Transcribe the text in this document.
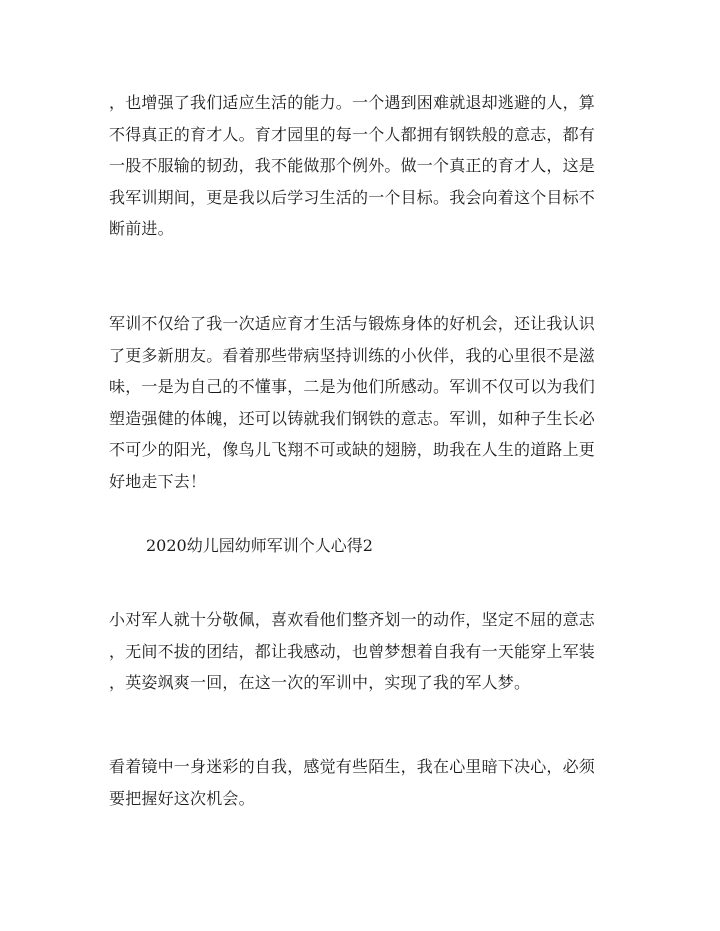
，也增强了我们适应生活的能力。一个遇到困难就退却逃避的人，算
不得真正的育才人。育才园里的每一个人都拥有钢铁般的意志，都有
一股不服输的韧劲，我不能做那个例外。做一个真正的育才人，这是
我军训期间，更是我以后学习生活的一个目标。我会向着这个目标不
断前进。
军训不仅给了我一次适应育才生活与锻炼身体的好机会，还让我认识
了更多新朋友。看着那些带病坚持训练的小伙伴，我的心里很不是滋
味，一是为自己的不懂事，二是为他们所感动。军训不仅可以为我们
塑造强健的体魄，还可以铸就我们钢铁的意志。军训，如种子生长必
不可少的阳光，像鸟儿飞翔不可或缺的翅膀，助我在人生的道路上更
好地走下去！
2020幼儿园幼师军训个人心得2
小对军人就十分敬佩，喜欢看他们整齐划一的动作，坚定不屈的意志
，无间不拔的团结，都让我感动，也曾梦想着自我有一天能穿上军装
，英姿飒爽一回，在这一次的军训中，实现了我的军人梦。
看着镜中一身迷彩的自我，感觉有些陌生，我在心里暗下决心，必须
要把握好这次机会。
